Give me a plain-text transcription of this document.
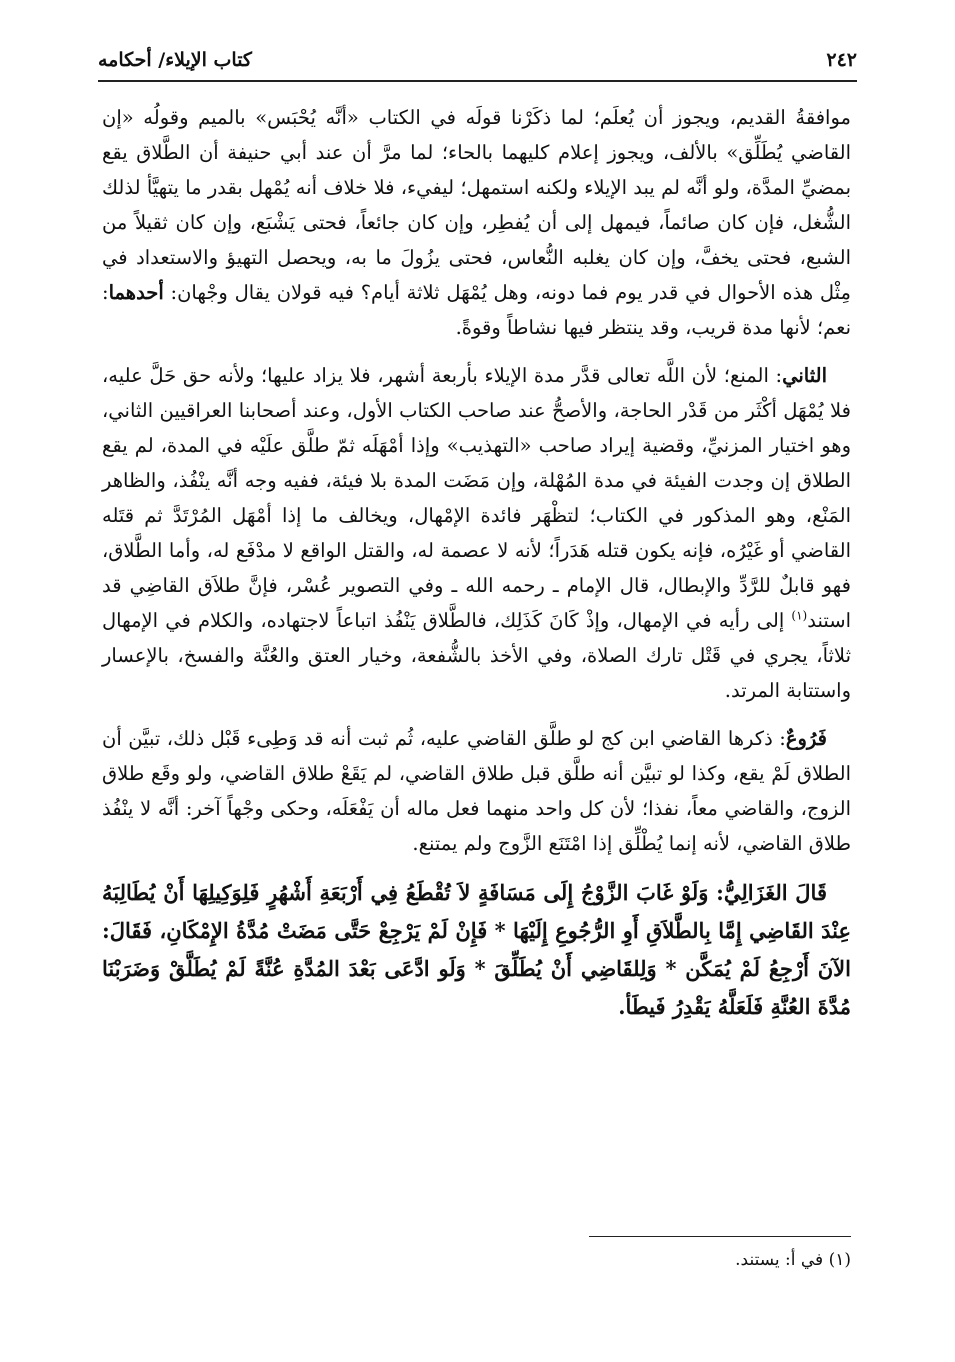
٢٤٢
كتاب الإيلاء/ أحكامه

موافقةُ القديم، ويجوز أن يُعلَم؛ لما ذكَرْنا قولَه في الكتاب «أنَّه يُحْبَس» بالميم وقولُه «إن القاضي يُطَلِّق» بالألف، ويجوز إعلام كليهما بالحاء؛ لما مرَّ أن عند أبي حنيفة أن الطَّلاق يقع بمضيِّ المدَّة، ولو أنَّه لم يبد الإيلاء ولكنه استمهل؛ ليفيء، فلا خلاف أنه يُمْهل بقدر ما يتهيَّأ لذلك الشُّغل، فإن كان صائماً، فيمهل إلى أن يُفطِر، وإن كان جائعاً، فحتى يَشْبَع، وإن كان ثقيلاً من الشبع، فحتى يخفَّ، وإن كان يغلبه النُّعاس، فحتى يزُولَ ما به، ويحصل التهيؤ والاستعداد في مِثْل هذه الأحوال في قدر يوم فما دونه، وهل يُمْهَل ثلاثة أيام؟ فيه قولان يقال وجْهان: أحدهما: نعم؛ لأنها مدة قريب، وقد ينتظر فيها نشاطاً وقوةً.

الثاني: المنع؛ لأن اللَّه تعالى قدَّر مدة الإيلاء بأربعة أشهر، فلا يزاد عليها؛ ولأنه حق حَلَّ عليه، فلا يُمْهَل أكْثَر من قَدْر الحاجة، والأصحُّ عند صاحب الكتاب الأول، وعند أصحابنا العراقيين الثاني، وهو اختيار المزنيِّ، وقضية إيراد صاحب «التهذيب» وإذا أمْهَلَه ثمّ طلَّق علَيْه في المدة، لم يقع الطلاق إن وجدت الفيئة في مدة المُهْلة، وإن مَضَت المدة بلا فيئة، ففيه وجه أنَّه ينْفُذ، والظاهر المَنْع، وهو المذكور في الكتاب؛ لتظْهَر فائدة الإمْهال، ويخالف ما إذا أمْهَل المُرْتَدَّ ثم قتَله القاضي أو غَيْرُه، فإنه يكون قتله هَدَراً؛ لأنه لا عصمة له، والقتل الواقع لا مدْفَع له، وأما الطَّلاق، فهو قابلٌ للرَّدِّ والإبطال، قال الإمام ـ رحمه الله ـ وفي التصوير عُسْر، فإنَّ طلاَق القاضِي قد استند$^{(١)}$ إلى رأيه في الإمهال، وإذْ كَانَ كَذَلِك، فالطَّلاق يَنْفُذ اتباعاً لاجتهاده، والكلام في الإمهال ثلاثاً، يجري في قَتْل تارك الصلاة، وفي الأخذ بالشُّفعة، وخيار العتق والعُنَّة والفسخ، بالإعسار واستتابة المرتد.

فَرُوعٌ: ذكرها القاضي ابن كج لو طلَّق القاضي عليه، ثُم ثبت أنه قد وَطِىء قَبْل ذلك، تبيَّن أن الطلاق لَمْ يقع، وكذا لو تبيَّن أنه طلَّق قبل طلاق القاضي، لم يَقَعْ طلاق القاضي، ولو وقَع طلاق الزوج، والقاضي معاً، نفذا؛ لأن كل واحد منهما فعل ماله أن يَفْعَلَه، وحكى وجْهاً آخر: أنَّه لا ينْفُذ طلاق القاضي، لأنه إنما يُطْلِّق إذا امْتَنَع الزَّوج ولم يمتنع.

قَالَ الغَزَالِيُّ: وَلَوْ غَابَ الزَّوْجُ إِلَى مَسَافَةٍ لاَ تُقْطَعُ فِي أَرْبَعَةِ أَشْهُرٍ فَلِوَكِيلِهَا أَنْ يُطَالِبَهُ عِنْدَ القَاضِي إِمَّا بِالطَّلاَقِ أَوِ الرُّجُوعِ إِلَيْهَا * فَإِنْ لَمْ يَرْجِعْ حَتَّى مَضَتْ مُدَّةُ الإِمْكَانِ، فَقَالَ: الآنَ أَرْجِعُ لَمْ يُمَكَّن * وَلِلقَاضِي أَنْ يُطَلِّقَ * وَلَو ادَّعَى بَعْدَ المُدَّةِ عُنَّةً لَمْ يُطَلَّقْ وَضَرَبْنَا مُدَّةَ العُنَّةِ فَلَعَلَّهُ يَقْدِرُ فَيطَأ.

(١) في أ: يستند.
